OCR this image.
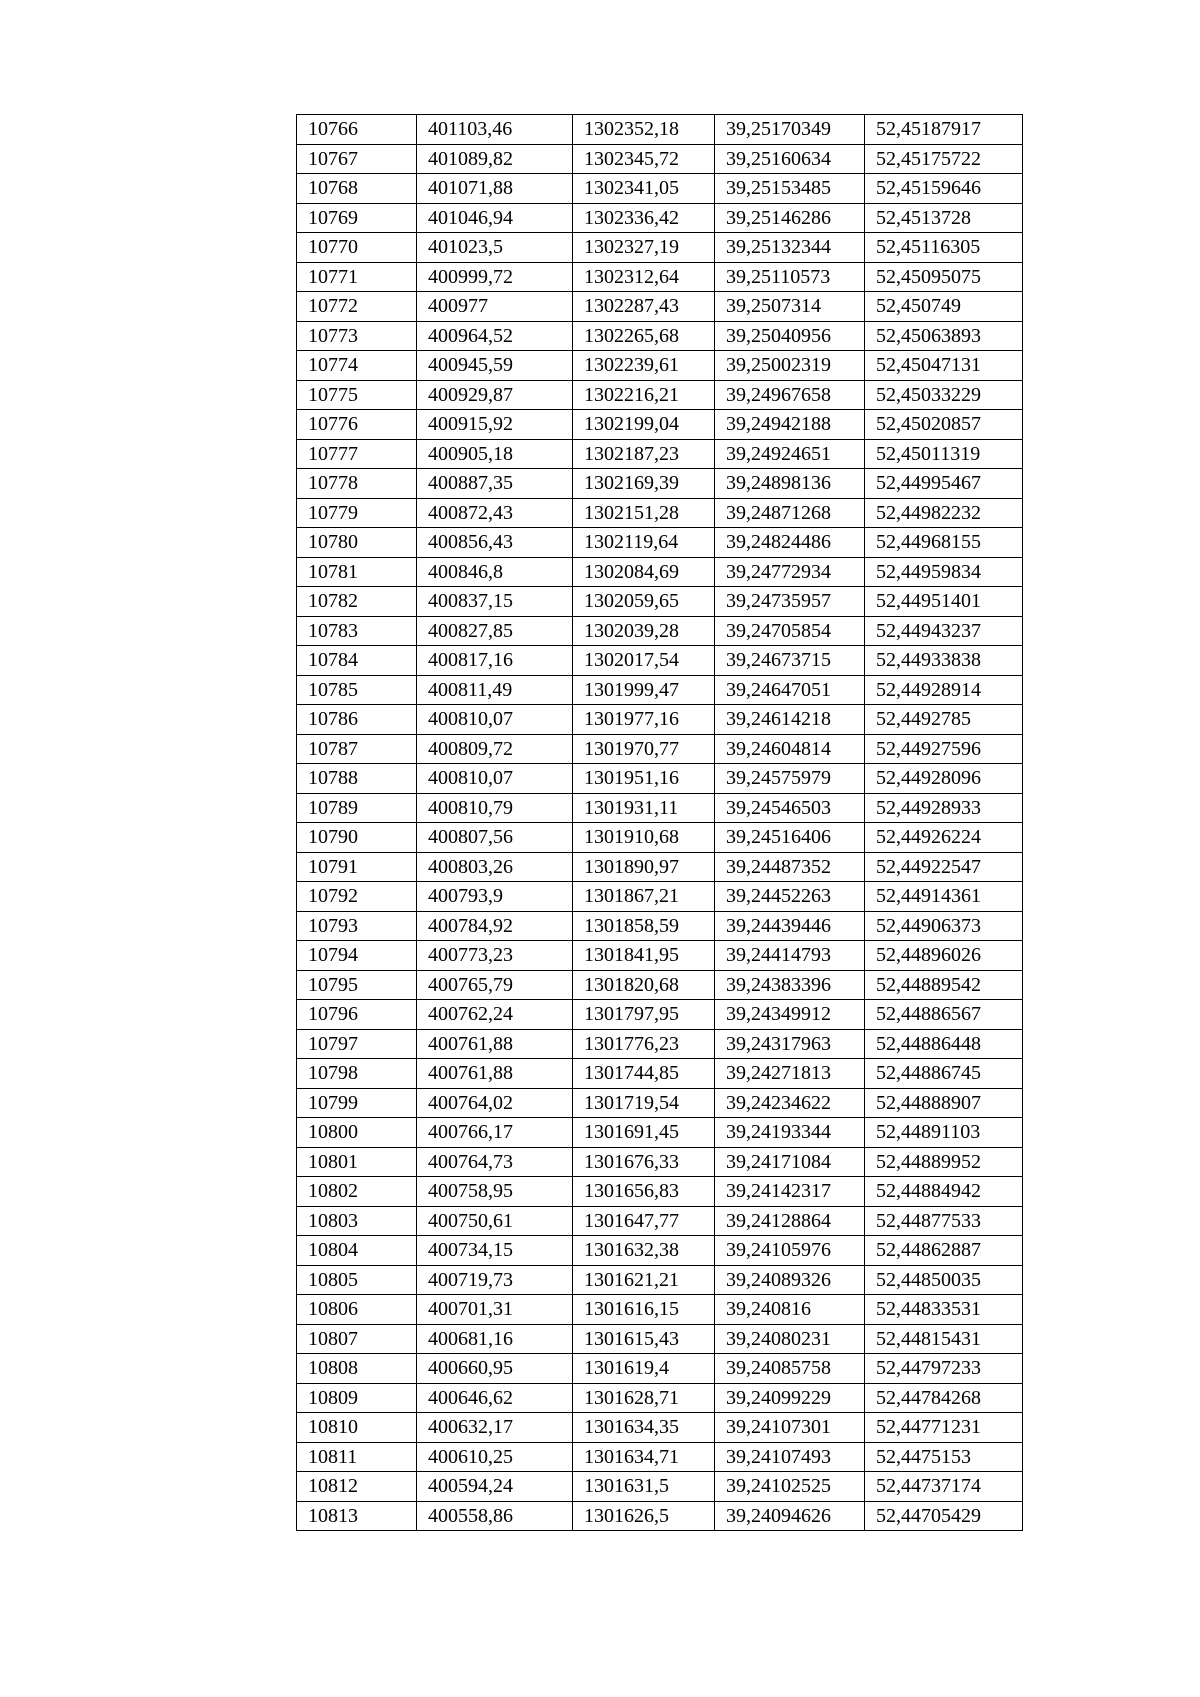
10766	401103,46	1302352,18	39,25170349	52,45187917
10767	401089,82	1302345,72	39,25160634	52,45175722
10768	401071,88	1302341,05	39,25153485	52,45159646
10769	401046,94	1302336,42	39,25146286	52,4513728
10770	401023,5	1302327,19	39,25132344	52,45116305
10771	400999,72	1302312,64	39,25110573	52,45095075
10772	400977	1302287,43	39,2507314	52,450749
10773	400964,52	1302265,68	39,25040956	52,45063893
10774	400945,59	1302239,61	39,25002319	52,45047131
10775	400929,87	1302216,21	39,24967658	52,45033229
10776	400915,92	1302199,04	39,24942188	52,45020857
10777	400905,18	1302187,23	39,24924651	52,45011319
10778	400887,35	1302169,39	39,24898136	52,44995467
10779	400872,43	1302151,28	39,24871268	52,44982232
10780	400856,43	1302119,64	39,24824486	52,44968155
10781	400846,8	1302084,69	39,24772934	52,44959834
10782	400837,15	1302059,65	39,24735957	52,44951401
10783	400827,85	1302039,28	39,24705854	52,44943237
10784	400817,16	1302017,54	39,24673715	52,44933838
10785	400811,49	1301999,47	39,24647051	52,44928914
10786	400810,07	1301977,16	39,24614218	52,4492785
10787	400809,72	1301970,77	39,24604814	52,44927596
10788	400810,07	1301951,16	39,24575979	52,44928096
10789	400810,79	1301931,11	39,24546503	52,44928933
10790	400807,56	1301910,68	39,24516406	52,44926224
10791	400803,26	1301890,97	39,24487352	52,44922547
10792	400793,9	1301867,21	39,24452263	52,44914361
10793	400784,92	1301858,59	39,24439446	52,44906373
10794	400773,23	1301841,95	39,24414793	52,44896026
10795	400765,79	1301820,68	39,24383396	52,44889542
10796	400762,24	1301797,95	39,24349912	52,44886567
10797	400761,88	1301776,23	39,24317963	52,44886448
10798	400761,88	1301744,85	39,24271813	52,44886745
10799	400764,02	1301719,54	39,24234622	52,44888907
10800	400766,17	1301691,45	39,24193344	52,44891103
10801	400764,73	1301676,33	39,24171084	52,44889952
10802	400758,95	1301656,83	39,24142317	52,44884942
10803	400750,61	1301647,77	39,24128864	52,44877533
10804	400734,15	1301632,38	39,24105976	52,44862887
10805	400719,73	1301621,21	39,24089326	52,44850035
10806	400701,31	1301616,15	39,240816	52,44833531
10807	400681,16	1301615,43	39,24080231	52,44815431
10808	400660,95	1301619,4	39,24085758	52,44797233
10809	400646,62	1301628,71	39,24099229	52,44784268
10810	400632,17	1301634,35	39,24107301	52,44771231
10811	400610,25	1301634,71	39,24107493	52,4475153
10812	400594,24	1301631,5	39,24102525	52,44737174
10813	400558,86	1301626,5	39,24094626	52,44705429
